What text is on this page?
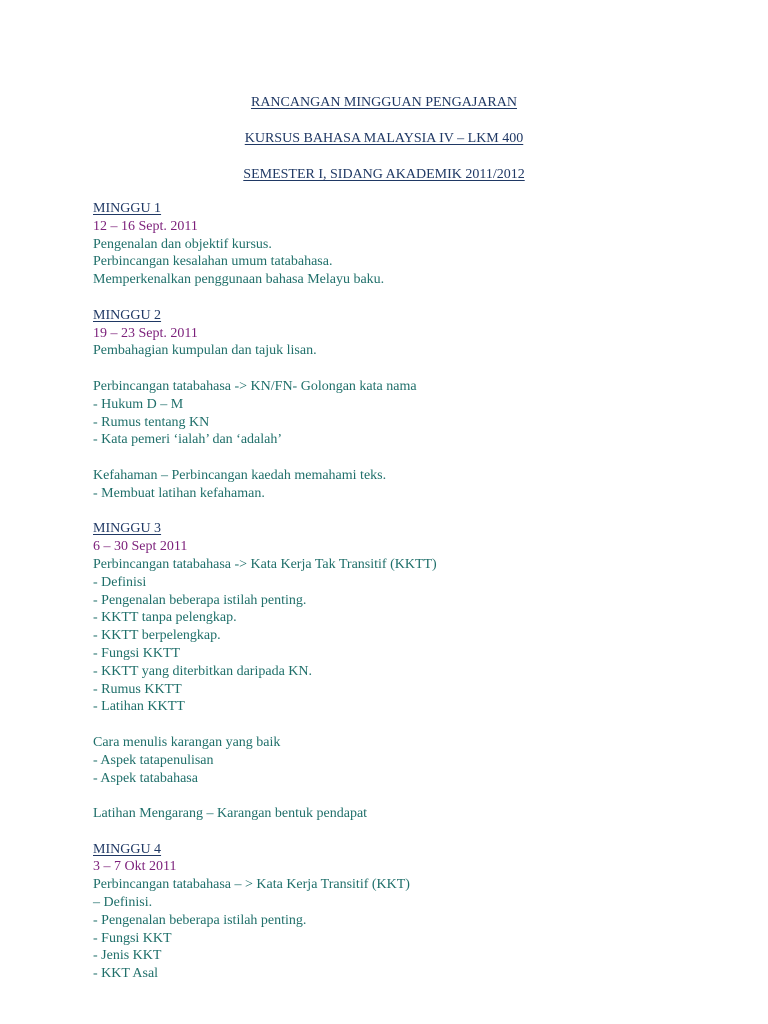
RANCANGAN MINGGUAN PENGAJARAN
KURSUS BAHASA MALAYSIA IV – LKM 400
SEMESTER I, SIDANG AKADEMIK 2011/2012
MINGGU 1
12 – 16 Sept. 2011
Pengenalan dan objektif kursus.
Perbincangan kesalahan umum tatabahasa.
Memperkenalkan penggunaan bahasa Melayu baku.
MINGGU 2
19 – 23 Sept. 2011
Pembahagian kumpulan dan tajuk lisan.
Perbincangan tatabahasa -> KN/FN- Golongan kata nama
- Hukum D – M
- Rumus tentang KN
- Kata pemeri ‘ialah’ dan ‘adalah’
Kefahaman – Perbincangan kaedah memahami teks.
- Membuat latihan kefahaman.
MINGGU 3
6 – 30 Sept 2011
Perbincangan tatabahasa -> Kata Kerja Tak Transitif (KKTT)
- Definisi
- Pengenalan beberapa istilah penting.
- KKTT tanpa pelengkap.
- KKTT berpelengkap.
- Fungsi KKTT
- KKTT yang diterbitkan daripada KN.
- Rumus KKTT
- Latihan KKTT
Cara menulis karangan yang baik
- Aspek tatapenulisan
- Aspek tatabahasa
Latihan Mengarang – Karangan bentuk pendapat
MINGGU 4
3 – 7 Okt 2011
Perbincangan tatabahasa – > Kata Kerja Transitif (KKT)
– Definisi.
- Pengenalan beberapa istilah penting.
- Fungsi KKT
- Jenis KKT
- KKT Asal
